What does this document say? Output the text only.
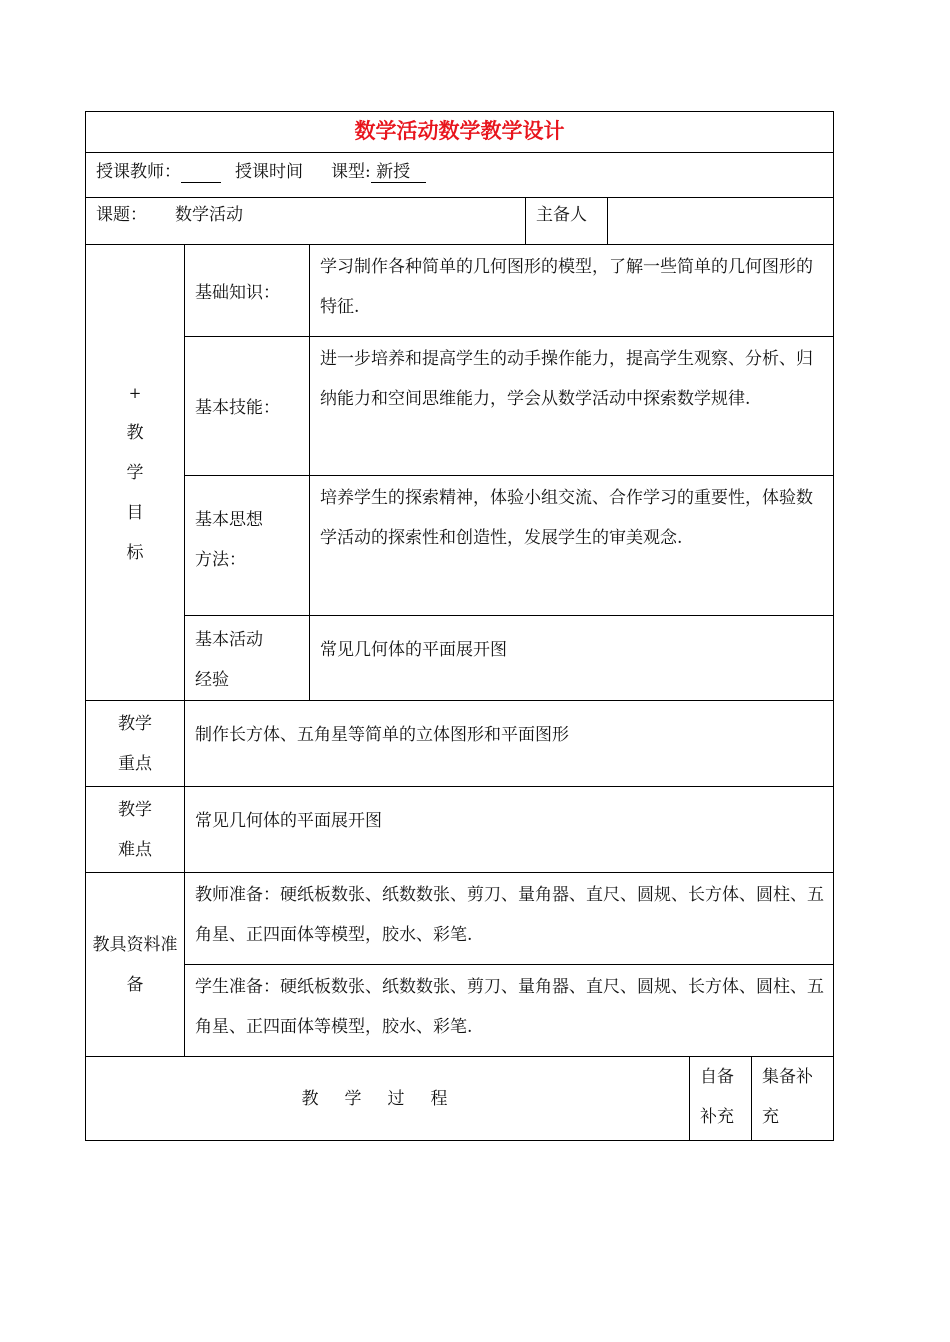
数学活动数学教学设计						
授课教师： 授课时间 课型: 新授						
课题： 数学活动			主备人			

+
教
学
目
标	基础知识：	学习制作各种简单的几何图形的模型，了解一些简单的几何图形的特征.				
	基本技能：	进一步培养和提高学生的动手操作能力，提高学生观察、分析、归纳能力和空间思维能力，学会从数学活动中探索数学规律.				
	基本思想方法：	培养学生的探索精神，体验小组交流、合作学习的重要性，体验数学活动的探索性和创造性，发展学生的审美观念.				
	基本活动经验	常见几何体的平面展开图				
教学重点	制作长方体、五角星等简单的立体图形和平面图形					
教学难点	常见几何体的平面展开图					
教具资料准备	教师准备：硬纸板数张、纸数数张、剪刀、量角器、直尺、圆规、长方体、圆柱、五角星、正四面体等模型，胶水、彩笔.					
	学生准备：硬纸板数张、纸数数张、剪刀、量角器、直尺、圆规、长方体、圆柱、五角星、正四面体等模型，胶水、彩笔.					
教学过程					自备补充	集备补充
